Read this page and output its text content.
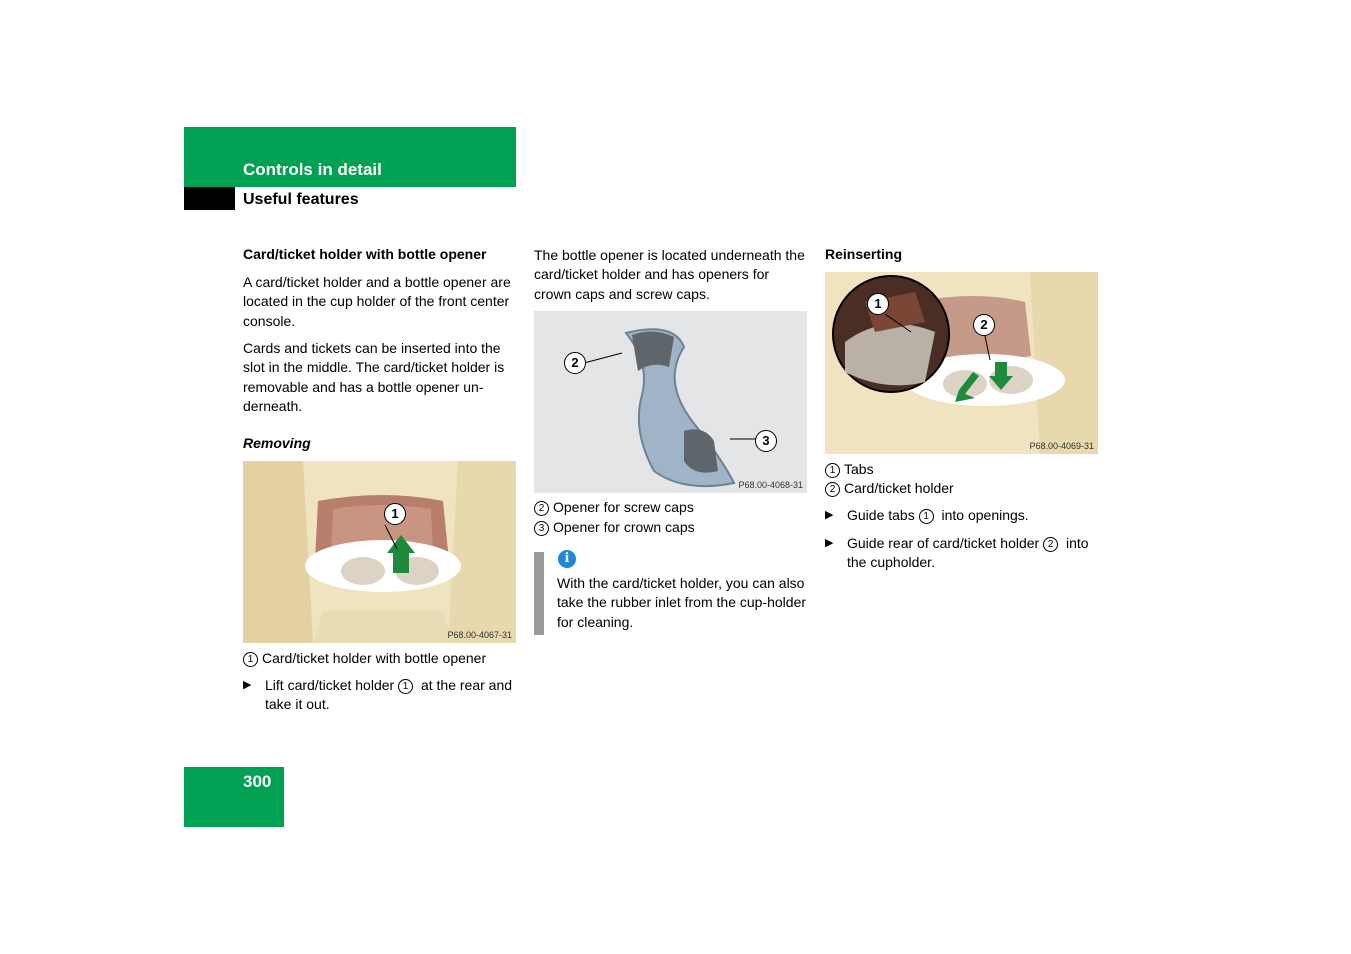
Controls in detail
Useful features
Card/ticket holder with bottle opener
A card/ticket holder and a bottle opener are located in the cup holder of the front center console.
Cards and tickets can be inserted into the slot in the middle. The card/ticket holder is removable and has a bottle opener un-derneath.
Removing
1
P68.00-4067-31
1 Card/ticket holder with bottle opener
▶ Lift card/ticket holder 1 at the rear and take it out.
The bottle opener is located underneath the card/ticket holder and has openers for crown caps and screw caps.
2
3
P68.00-4068-31
2 Opener for screw caps
3 Opener for crown caps
i
With the card/ticket holder, you can also take the rubber inlet from the cup-holder for cleaning.
Reinserting
1
2
P68.00-4069-31
1 Tabs
2 Card/ticket holder
▶ Guide tabs 1 into openings.
▶ Guide rear of card/ticket holder 2 into the cupholder.
300
